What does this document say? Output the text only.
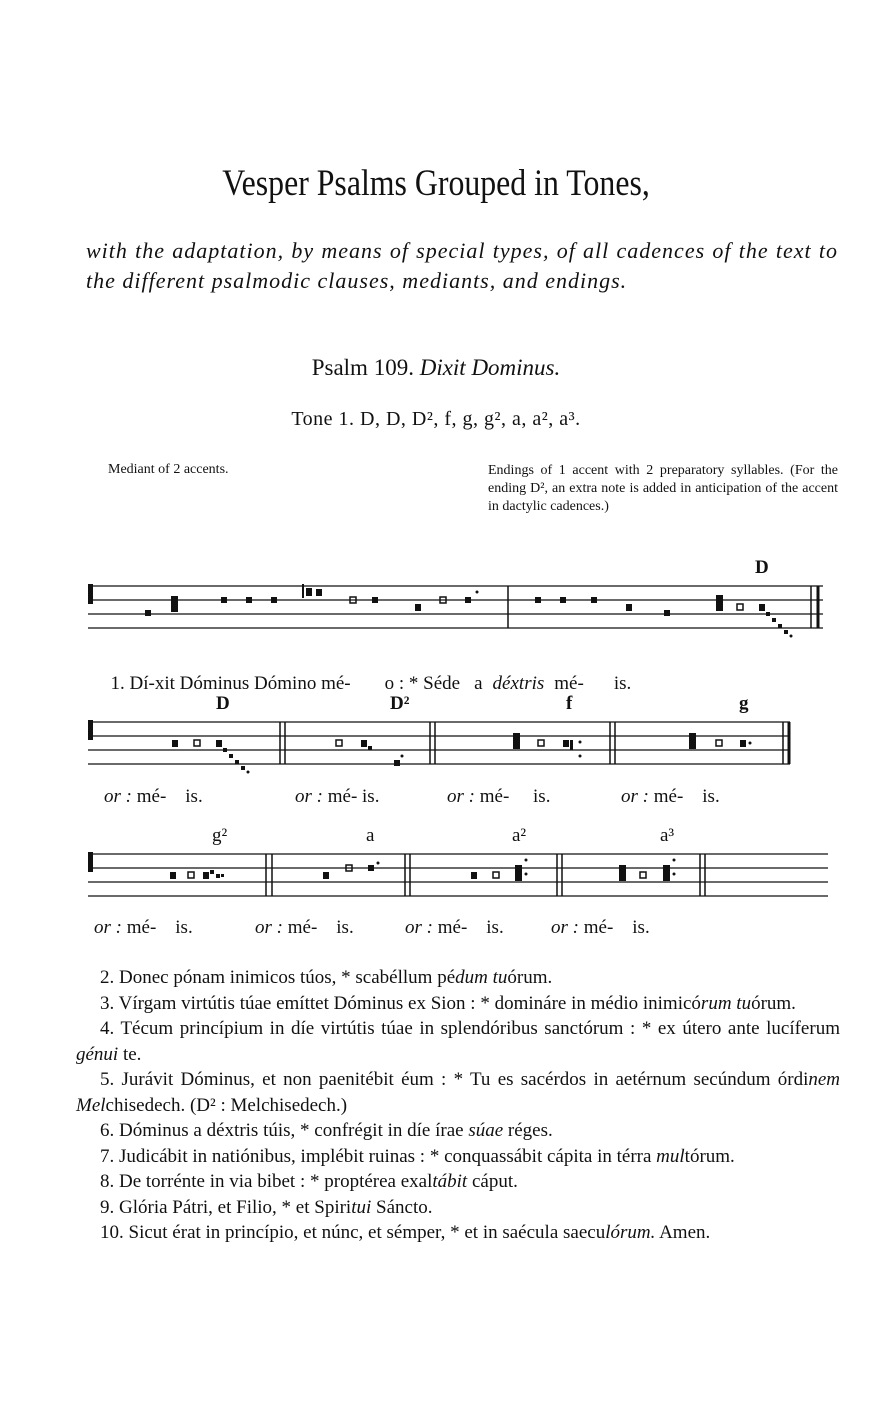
Vesper Psalms Grouped in Tones,
with the adaptation, by means of special types, of all cadences of the text to the different psalmodic clauses, mediants, and endings.
Psalm 109. Dixit Dominus.
Tone 1. D, D, D², f, g, g², a, a², a³.
Mediant of 2 accents.	Endings of 1 accent with 2 preparatory syllables. (For the ending D², an extra note is added in anticipation of the accent in dactylic cadences.)
D

1. Dí-xit Dóminus Dómino mé- o : * Séde a déxtris mé- is.

D	D²	f	g
or : mé- is.	or : mé- is.	or : mé- is.	or : mé- is.
g²	a	a²	a³
or : mé- is.	or : mé- is.	or : mé- is. or : mé- is.
2. Donec pónam inimicos túos, * scabéllum pédum tuórum.
3. Vírgam virtútis túae emíttet Dóminus ex Sion : * domináre in médio inimicórum tuórum.
4. Técum princípium in díe virtútis túae in splendóribus sanctórum : * ex útero ante lucíferum génui te.
5. Jurávit Dóminus, et non paenitébit éum : * Tu es sacérdos in aetérnum secúndum órdinem Melchisedech. (D² : Melchisedech.)
6. Dóminus a déxtris túis, * confrégit in díe írae súae réges.
7. Judicábit in natiónibus, implébit ruinas : * conquassábit cápita in térra multórum.
8. De torrénte in via bibet : * proptérea exaltábit cáput.
9. Glória Pátri, et Filio, * et Spiritui Sáncto.
10. Sicut érat in princípio, et núnc, et sémper, * et in saécula saeculórum. Amen.
